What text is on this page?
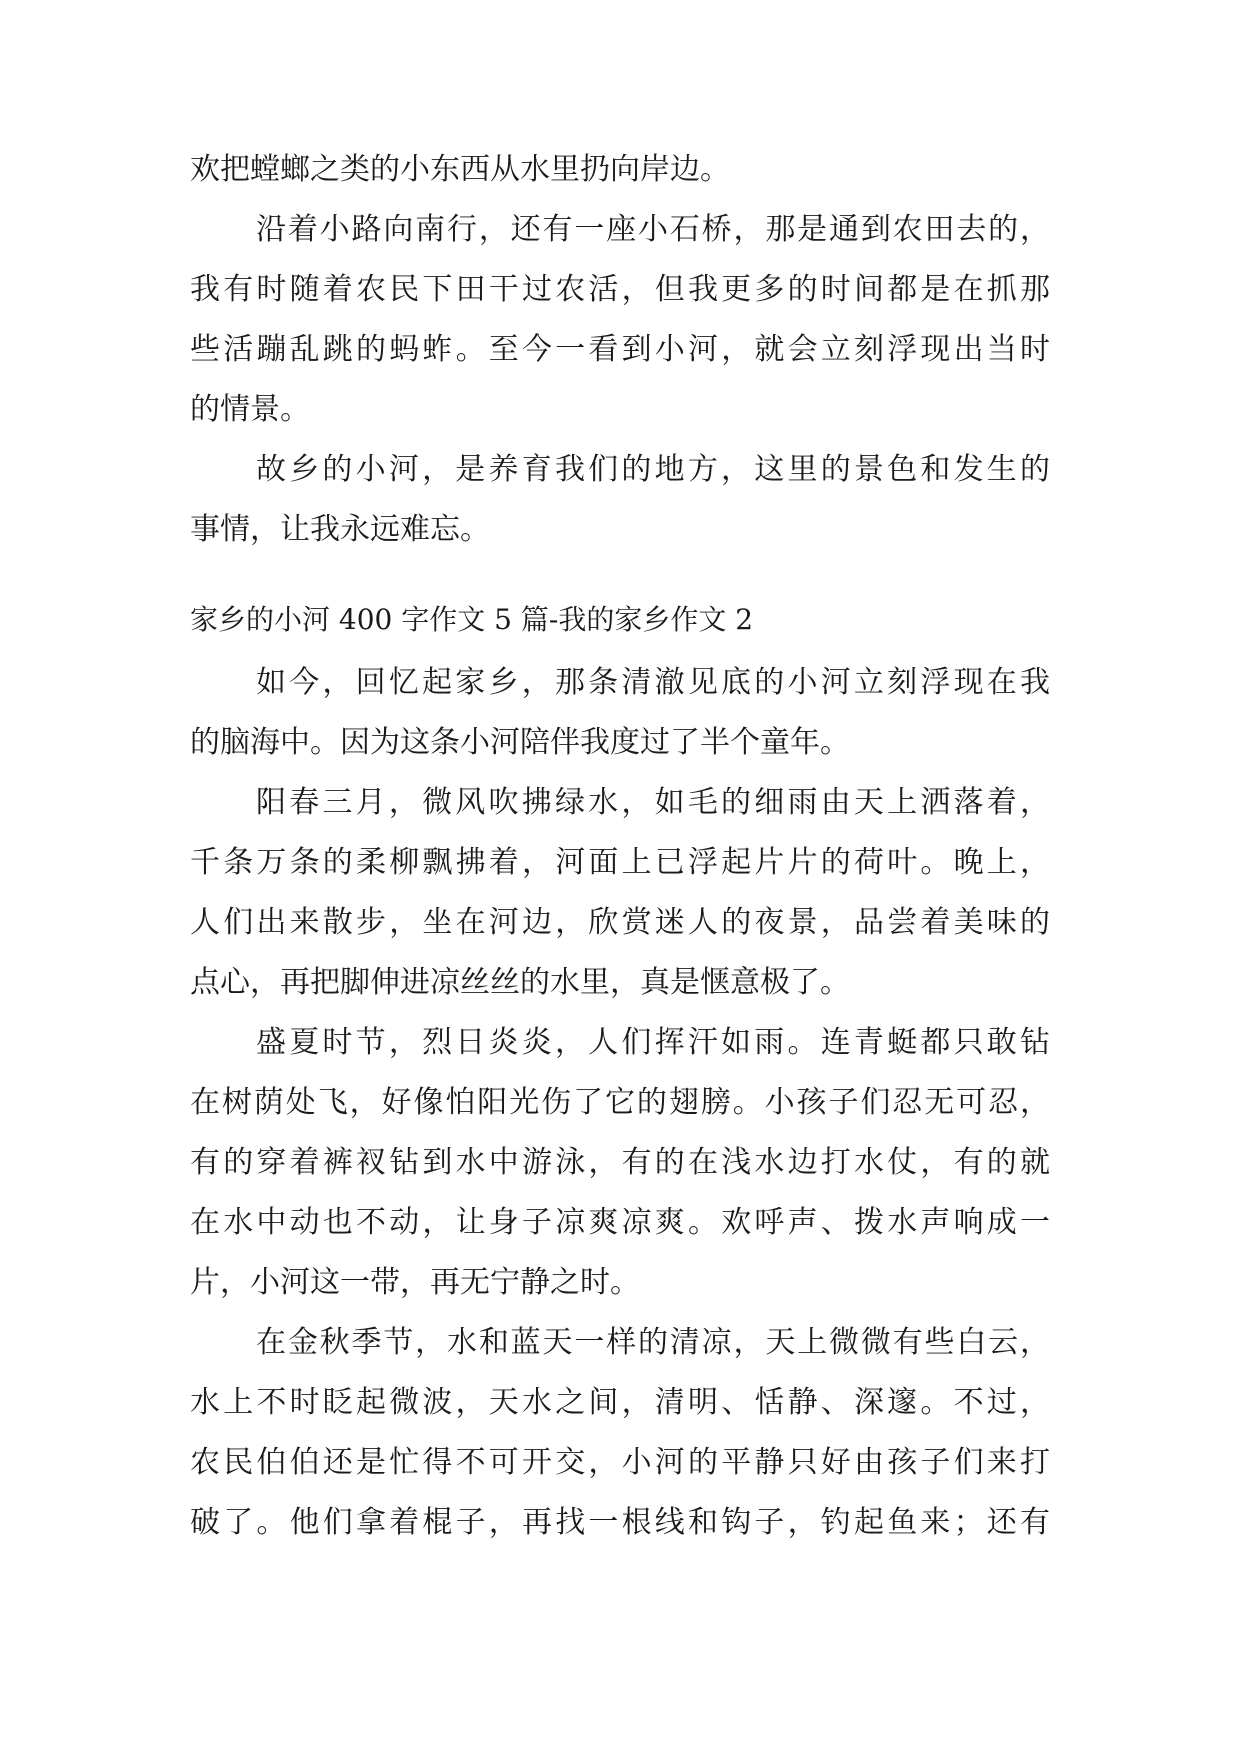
欢把螳螂之类的小东西从水里扔向岸边。
沿着小路向南行，还有一座小石桥，那是通到农田去的，
我有时随着农民下田干过农活，但我更多的时间都是在抓那
些活蹦乱跳的蚂蚱。至今一看到小河，就会立刻浮现出当时
的情景。
故乡的小河，是养育我们的地方，这里的景色和发生的
事情，让我永远难忘。
家乡的小河 400 字作文 5 篇-我的家乡作文 2
如今，回忆起家乡，那条清澈见底的小河立刻浮现在我
的脑海中。因为这条小河陪伴我度过了半个童年。
阳春三月，微风吹拂绿水，如毛的细雨由天上洒落着，
千条万条的柔柳飘拂着，河面上已浮起片片的荷叶。晚上，
人们出来散步，坐在河边，欣赏迷人的夜景，品尝着美味的
点心，再把脚伸进凉丝丝的水里，真是惬意极了。
盛夏时节，烈日炎炎，人们挥汗如雨。连青蜓都只敢钻
在树荫处飞，好像怕阳光伤了它的翅膀。小孩子们忍无可忍，
有的穿着裤衩钻到水中游泳，有的在浅水边打水仗，有的就
在水中动也不动，让身子凉爽凉爽。欢呼声、拨水声响成一
片，小河这一带，再无宁静之时。
在金秋季节，水和蓝天一样的清凉，天上微微有些白云，
水上不时眨起微波，天水之间，清明、恬静、深邃。不过，
农民伯伯还是忙得不可开交，小河的平静只好由孩子们来打
破了。他们拿着棍子，再找一根线和钩子，钓起鱼来；还有
